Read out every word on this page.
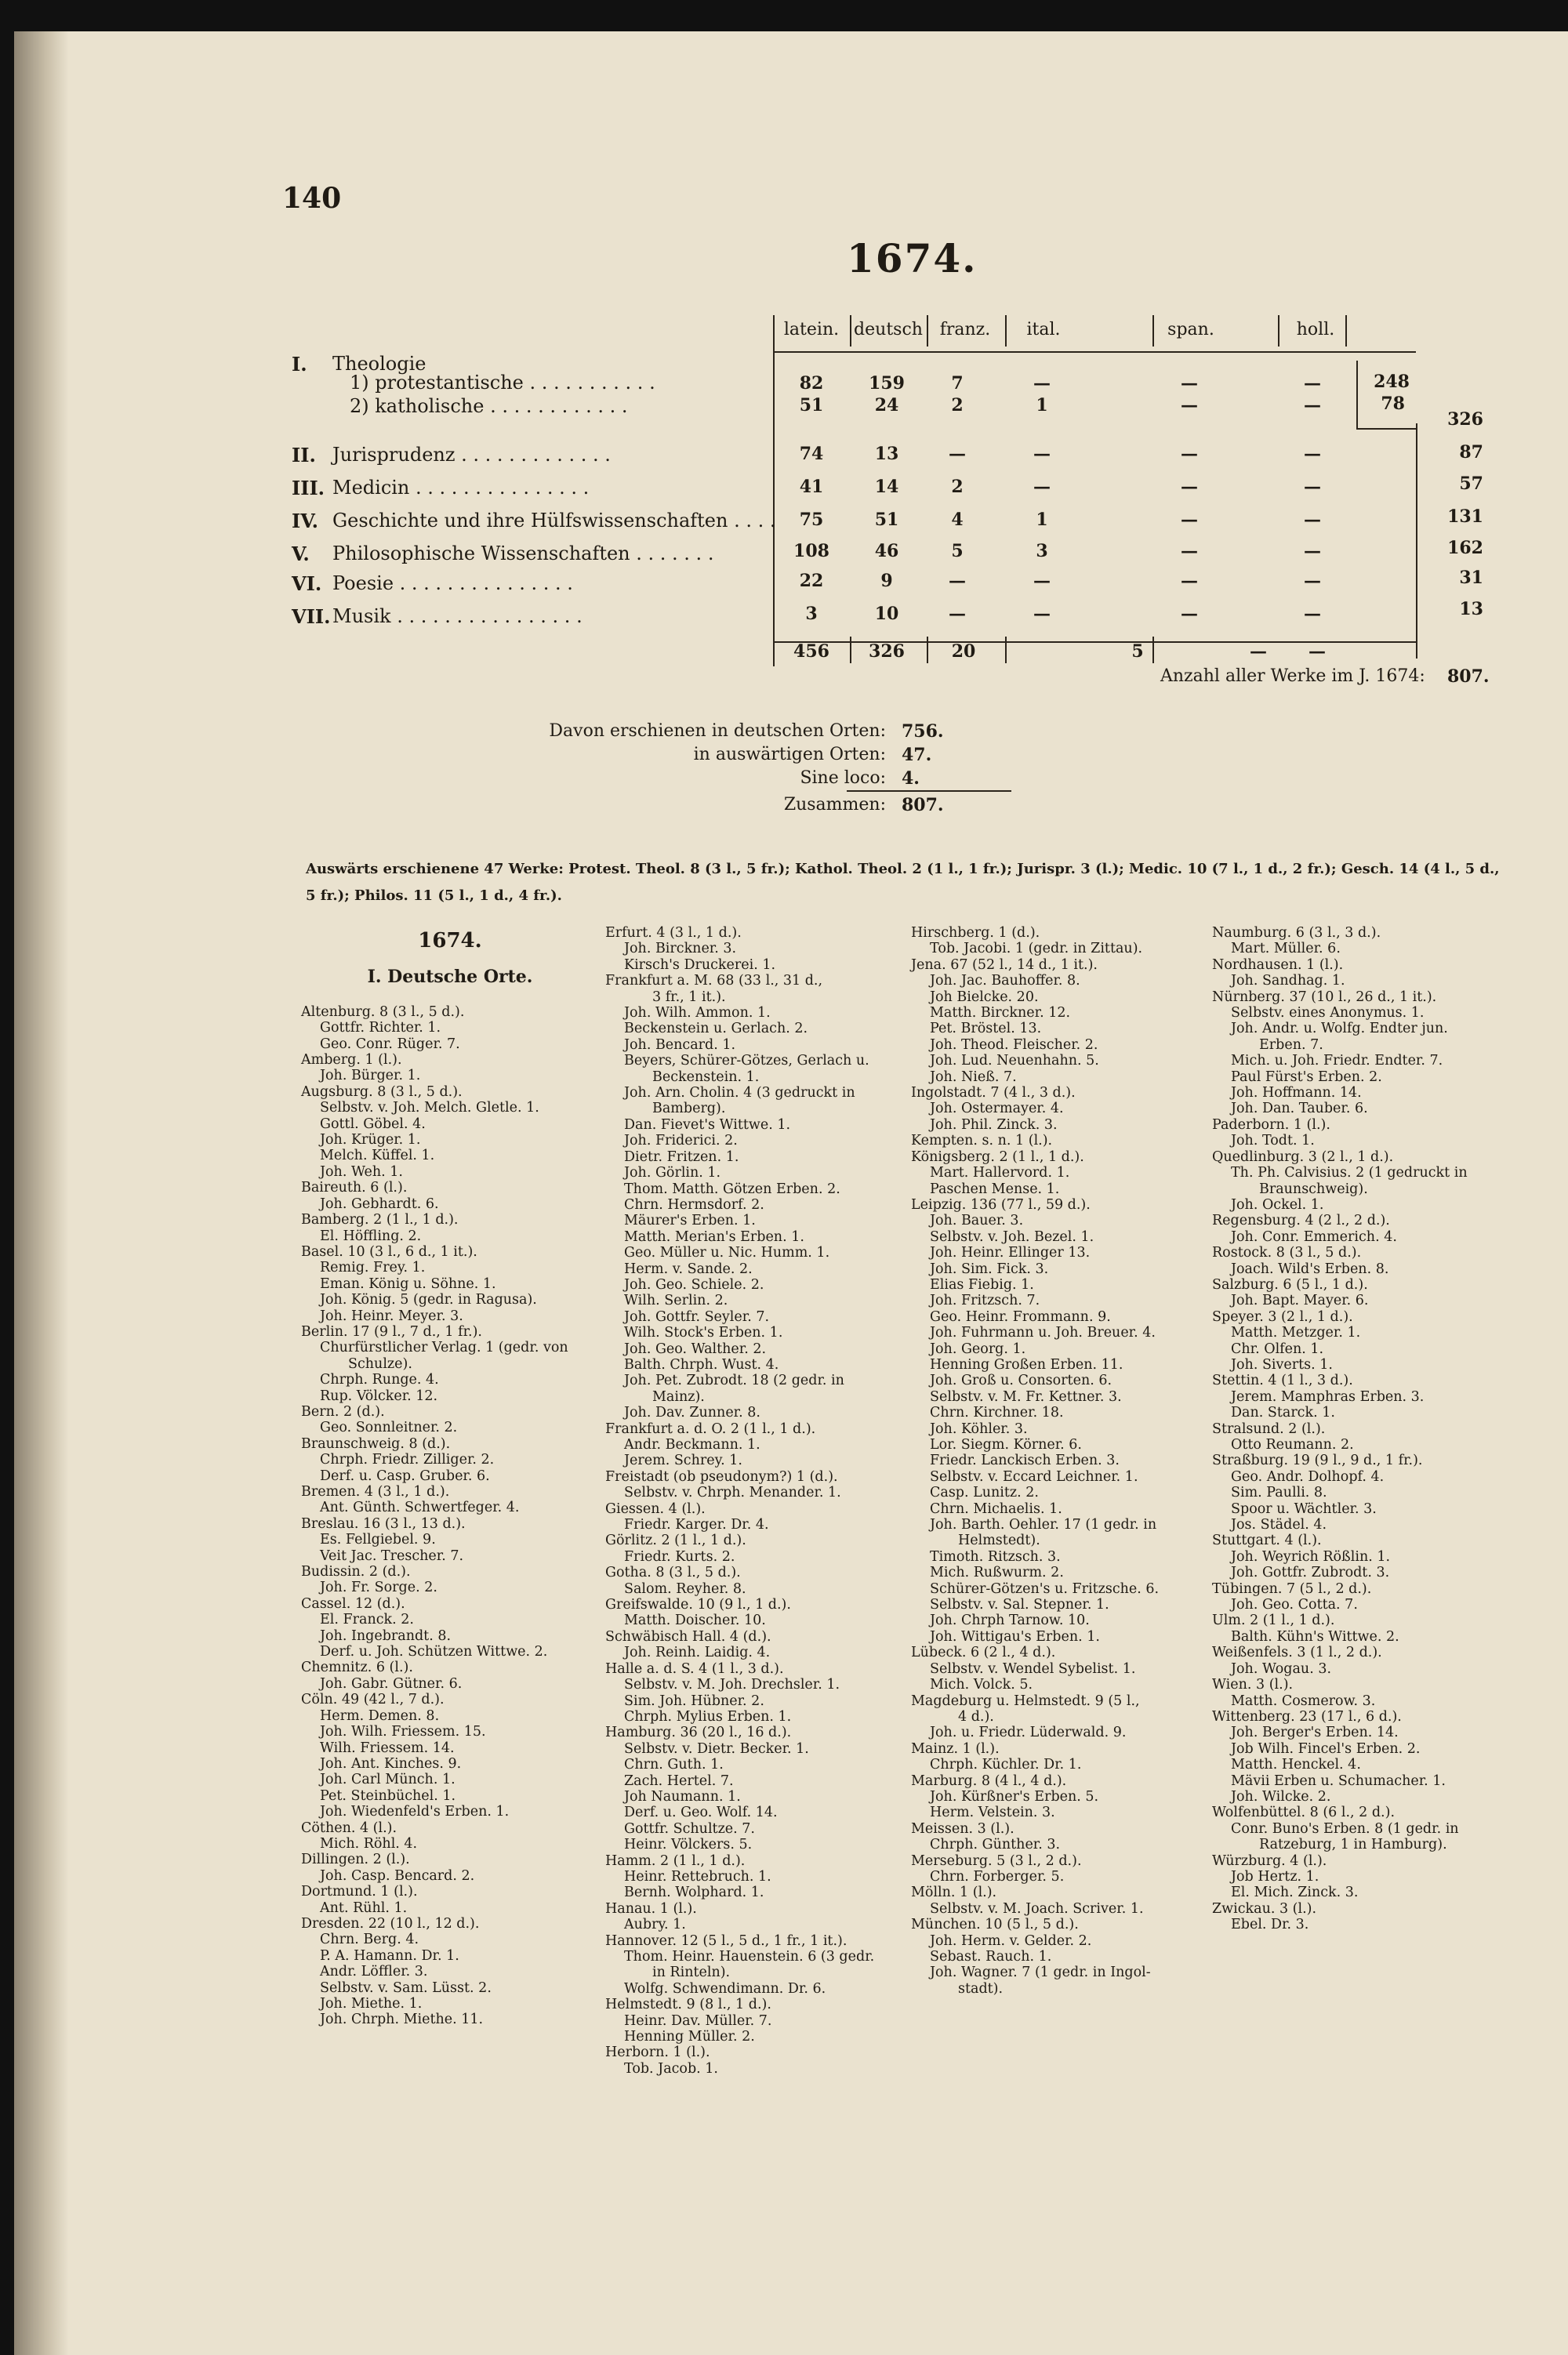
140
1674.
latein. deutsch franz.	ital.	span.	holl.
I. Theologie
1) protestantische . . . . . . . . . . .	82	159	7	—	—	—	248
2) katholische . . . . . . . . . . . .	51	24	2	1	—	—	78
326
II. Jurisprudenz . . . . . . . . . . . . .	74	13	—	—	—	—	87
III. Medicin . . . . . . . . . . . . . . .	41	14	2	—	—	—	57
IV. Geschichte und ihre Hülfswissenschaften . . . .	75	51	4	1	—	—	131
V. Philosophische Wissenschaften . . . . . . .	108	46	5	3	—	—	162
VI. Poesie . . . . . . . . . . . . . . .	22	9	—	—	—	—	31
VII. Musik . . . . . . . . . . . . . . . .	3	10	—	—	—	—	13
456	326	20	5	—	—
Anzahl aller Werke im J. 1674: 807.
Davon erschienen in deutschen Orten: 756.
in auswärtigen Orten: 47.
Sine loco: 4.
Zusammen: 807.
Auswärts erschienene 47 Werke: Protest. Theol. 8 (3 l., 5 fr.); Kathol. Theol. 2 (1 l., 1 fr.); Jurispr. 3 (l.); Medic. 10 (7 l., 1 d., 2 fr.); Gesch. 14 (4 l., 5 d., 5 fr.); Philos. 11 (5 l., 1 d., 4 fr.).
1674.
I. Deutsche Orte.
Altenburg. 8 (3 l., 5 d.).
Gottfr. Richter. 1.
Geo. Conr. Rüger. 7.
Amberg. 1 (l.).
Joh. Bürger. 1.
Augsburg. 8 (3 l., 5 d.).
Selbstv. v. Joh. Melch. Gletle. 1.
Gottl. Göbel. 4.
Joh. Krüger. 1.
Melch. Küffel. 1.
Joh. Weh. 1.
Baireuth. 6 (l.).
Joh. Gebhardt. 6.
Bamberg. 2 (1 l., 1 d.).
El. Höffling. 2.
Basel. 10 (3 l., 6 d., 1 it.).
Remig. Frey. 1.
Eman. König u. Söhne. 1.
Joh. König. 5 (gedr. in Ragusa).
Joh. Heinr. Meyer. 3.
Berlin. 17 (9 l., 7 d., 1 fr.).
Churfürstlicher Verlag. 1 (gedr. von
Schulze).
Chrph. Runge. 4.
Rup. Völcker. 12.
Bern. 2 (d.).
Geo. Sonnleitner. 2.
Braunschweig. 8 (d.).
Chrph. Friedr. Zilliger. 2.
Derf. u. Casp. Gruber. 6.
Bremen. 4 (3 l., 1 d.).
Ant. Günth. Schwertfeger. 4.
Breslau. 16 (3 l., 13 d.).
Es. Fellgiebel. 9.
Veit Jac. Trescher. 7.
Budissin. 2 (d.).
Joh. Fr. Sorge. 2.
Cassel. 12 (d.).
El. Franck. 2.
Joh. Ingebrandt. 8.
Derf. u. Joh. Schützen Wittwe. 2.
Chemnitz. 6 (l.).
Joh. Gabr. Gütner. 6.
Cöln. 49 (42 l., 7 d.).
Herm. Demen. 8.
Joh. Wilh. Friessem. 15.
Wilh. Friessem. 14.
Joh. Ant. Kinches. 9.
Joh. Carl Münch. 1.
Pet. Steinbüchel. 1.
Joh. Wiedenfeld's Erben. 1.
Cöthen. 4 (l.).
Mich. Röhl. 4.
Dillingen. 2 (l.).
Joh. Casp. Bencard. 2.
Dortmund. 1 (l.).
Ant. Rühl. 1.
Dresden. 22 (10 l., 12 d.).
Chrn. Berg. 4.
P. A. Hamann. Dr. 1.
Andr. Löffler. 3.
Selbstv. v. Sam. Lüsst. 2.
Joh. Miethe. 1.
Joh. Chrph. Miethe. 11.
Erfurt. 4 (3 l., 1 d.).
Joh. Birckner. 3.
Kirsch's Druckerei. 1.
Frankfurt a. M. 68 (33 l., 31 d.,
3 fr., 1 it.).
Joh. Wilh. Ammon. 1.
Beckenstein u. Gerlach. 2.
Joh. Bencard. 1.
Beyers, Schürer-Götzes, Gerlach u.
Beckenstein. 1.
Joh. Arn. Cholin. 4 (3 gedruckt in
Bamberg).
Dan. Fievet's Wittwe. 1.
Joh. Friderici. 2.
Dietr. Fritzen. 1.
Joh. Görlin. 1.
Thom. Matth. Götzen Erben. 2.
Chrn. Hermsdorf. 2.
Mäurer's Erben. 1.
Matth. Merian's Erben. 1.
Geo. Müller u. Nic. Humm. 1.
Herm. v. Sande. 2.
Joh. Geo. Schiele. 2.
Wilh. Serlin. 2.
Joh. Gottfr. Seyler. 7.
Wilh. Stock's Erben. 1.
Joh. Geo. Walther. 2.
Balth. Chrph. Wust. 4.
Joh. Pet. Zubrodt. 18 (2 gedr. in
Mainz).
Joh. Dav. Zunner. 8.
Frankfurt a. d. O. 2 (1 l., 1 d.).
Andr. Beckmann. 1.
Jerem. Schrey. 1.
Freistadt (ob pseudonym?) 1 (d.).
Selbstv. v. Chrph. Menander. 1.
Giessen. 4 (l.).
Friedr. Karger. Dr. 4.
Görlitz. 2 (1 l., 1 d.).
Friedr. Kurts. 2.
Gotha. 8 (3 l., 5 d.).
Salom. Reyher. 8.
Greifswalde. 10 (9 l., 1 d.).
Matth. Doischer. 10.
Schwäbisch Hall. 4 (d.).
Joh. Reinh. Laidig. 4.
Halle a. d. S. 4 (1 l., 3 d.).
Selbstv. v. M. Joh. Drechsler. 1.
Sim. Joh. Hübner. 2.
Chrph. Mylius Erben. 1.
Hamburg. 36 (20 l., 16 d.).
Selbstv. v. Dietr. Becker. 1.
Chrn. Guth. 1.
Zach. Hertel. 7.
Joh Naumann. 1.
Derf. u. Geo. Wolf. 14.
Gottfr. Schultze. 7.
Heinr. Völckers. 5.
Hamm. 2 (1 l., 1 d.).
Heinr. Rettebruch. 1.
Bernh. Wolphard. 1.
Hanau. 1 (l.).
Aubry. 1.
Hannover. 12 (5 l., 5 d., 1 fr., 1 it.).
Thom. Heinr. Hauenstein. 6 (3 gedr.
in Rinteln).
Wolfg. Schwendimann. Dr. 6.
Helmstedt. 9 (8 l., 1 d.).
Heinr. Dav. Müller. 7.
Henning Müller. 2.
Herborn. 1 (l.).
Tob. Jacob. 1.
Hirschberg. 1 (d.).
Tob. Jacobi. 1 (gedr. in Zittau).
Jena. 67 (52 l., 14 d., 1 it.).
Joh. Jac. Bauhoffer. 8.
Joh Bielcke. 20.
Matth. Birckner. 12.
Pet. Bröstel. 13.
Joh. Theod. Fleischer. 2.
Joh. Lud. Neuenhahn. 5.
Joh. Nieß. 7.
Ingolstadt. 7 (4 l., 3 d.).
Joh. Ostermayer. 4.
Joh. Phil. Zinck. 3.
Kempten. s. n. 1 (l.).
Königsberg. 2 (1 l., 1 d.).
Mart. Hallervord. 1.
Paschen Mense. 1.
Leipzig. 136 (77 l., 59 d.).
Joh. Bauer. 3.
Selbstv. v. Joh. Bezel. 1.
Joh. Heinr. Ellinger 13.
Joh. Sim. Fick. 3.
Elias Fiebig. 1.
Joh. Fritzsch. 7.
Geo. Heinr. Frommann. 9.
Joh. Fuhrmann u. Joh. Breuer. 4.
Joh. Georg. 1.
Henning Großen Erben. 11.
Joh. Groß u. Consorten. 6.
Selbstv. v. M. Fr. Kettner. 3.
Chrn. Kirchner. 18.
Joh. Köhler. 3.
Lor. Siegm. Körner. 6.
Friedr. Lanckisch Erben. 3.
Selbstv. v. Eccard Leichner. 1.
Casp. Lunitz. 2.
Chrn. Michaelis. 1.
Joh. Barth. Oehler. 17 (1 gedr. in
Helmstedt).
Timoth. Ritzsch. 3.
Mich. Rußwurm. 2.
Schürer-Götzen's u. Fritzsche. 6.
Selbstv. v. Sal. Stepner. 1.
Joh. Chrph Tarnow. 10.
Joh. Wittigau's Erben. 1.
Lübeck. 6 (2 l., 4 d.).
Selbstv. v. Wendel Sybelist. 1.
Mich. Volck. 5.
Magdeburg u. Helmstedt. 9 (5 l.,
4 d.).
Joh. u. Friedr. Lüderwald. 9.
Mainz. 1 (l.).
Chrph. Küchler. Dr. 1.
Marburg. 8 (4 l., 4 d.).
Joh. Kürßner's Erben. 5.
Herm. Velstein. 3.
Meissen. 3 (l.).
Chrph. Günther. 3.
Merseburg. 5 (3 l., 2 d.).
Chrn. Forberger. 5.
Mölln. 1 (l.).
Selbstv. v. M. Joach. Scriver. 1.
München. 10 (5 l., 5 d.).
Joh. Herm. v. Gelder. 2.
Sebast. Rauch. 1.
Joh. Wagner. 7 (1 gedr. in Ingol-
stadt).
Naumburg. 6 (3 l., 3 d.).
Mart. Müller. 6.
Nordhausen. 1 (l.).
Joh. Sandhag. 1.
Nürnberg. 37 (10 l., 26 d., 1 it.).
Selbstv. eines Anonymus. 1.
Joh. Andr. u. Wolfg. Endter jun.
Erben. 7.
Mich. u. Joh. Friedr. Endter. 7.
Paul Fürst's Erben. 2.
Joh. Hoffmann. 14.
Joh. Dan. Tauber. 6.
Paderborn. 1 (l.).
Joh. Todt. 1.
Quedlinburg. 3 (2 l., 1 d.).
Th. Ph. Calvisius. 2 (1 gedruckt in
Braunschweig).
Joh. Ockel. 1.
Regensburg. 4 (2 l., 2 d.).
Joh. Conr. Emmerich. 4.
Rostock. 8 (3 l., 5 d.).
Joach. Wild's Erben. 8.
Salzburg. 6 (5 l., 1 d.).
Joh. Bapt. Mayer. 6.
Speyer. 3 (2 l., 1 d.).
Matth. Metzger. 1.
Chr. Olfen. 1.
Joh. Siverts. 1.
Stettin. 4 (1 l., 3 d.).
Jerem. Mamphras Erben. 3.
Dan. Starck. 1.
Stralsund. 2 (l.).
Otto Reumann. 2.
Straßburg. 19 (9 l., 9 d., 1 fr.).
Geo. Andr. Dolhopf. 4.
Sim. Paulli. 8.
Spoor u. Wächtler. 3.
Jos. Städel. 4.
Stuttgart. 4 (l.).
Joh. Weyrich Rößlin. 1.
Joh. Gottfr. Zubrodt. 3.
Tübingen. 7 (5 l., 2 d.).
Joh. Geo. Cotta. 7.
Ulm. 2 (1 l., 1 d.).
Balth. Kühn's Wittwe. 2.
Weißenfels. 3 (1 l., 2 d.).
Joh. Wogau. 3.
Wien. 3 (l.).
Matth. Cosmerow. 3.
Wittenberg. 23 (17 l., 6 d.).
Joh. Berger's Erben. 14.
Job Wilh. Fincel's Erben. 2.
Matth. Henckel. 4.
Mävii Erben u. Schumacher. 1.
Joh. Wilcke. 2.
Wolfenbüttel. 8 (6 l., 2 d.).
Conr. Buno's Erben. 8 (1 gedr. in
Ratzeburg, 1 in Hamburg).
Würzburg. 4 (l.).
Job Hertz. 1.
El. Mich. Zinck. 3.
Zwickau. 3 (l.).
Ebel. Dr. 3.
